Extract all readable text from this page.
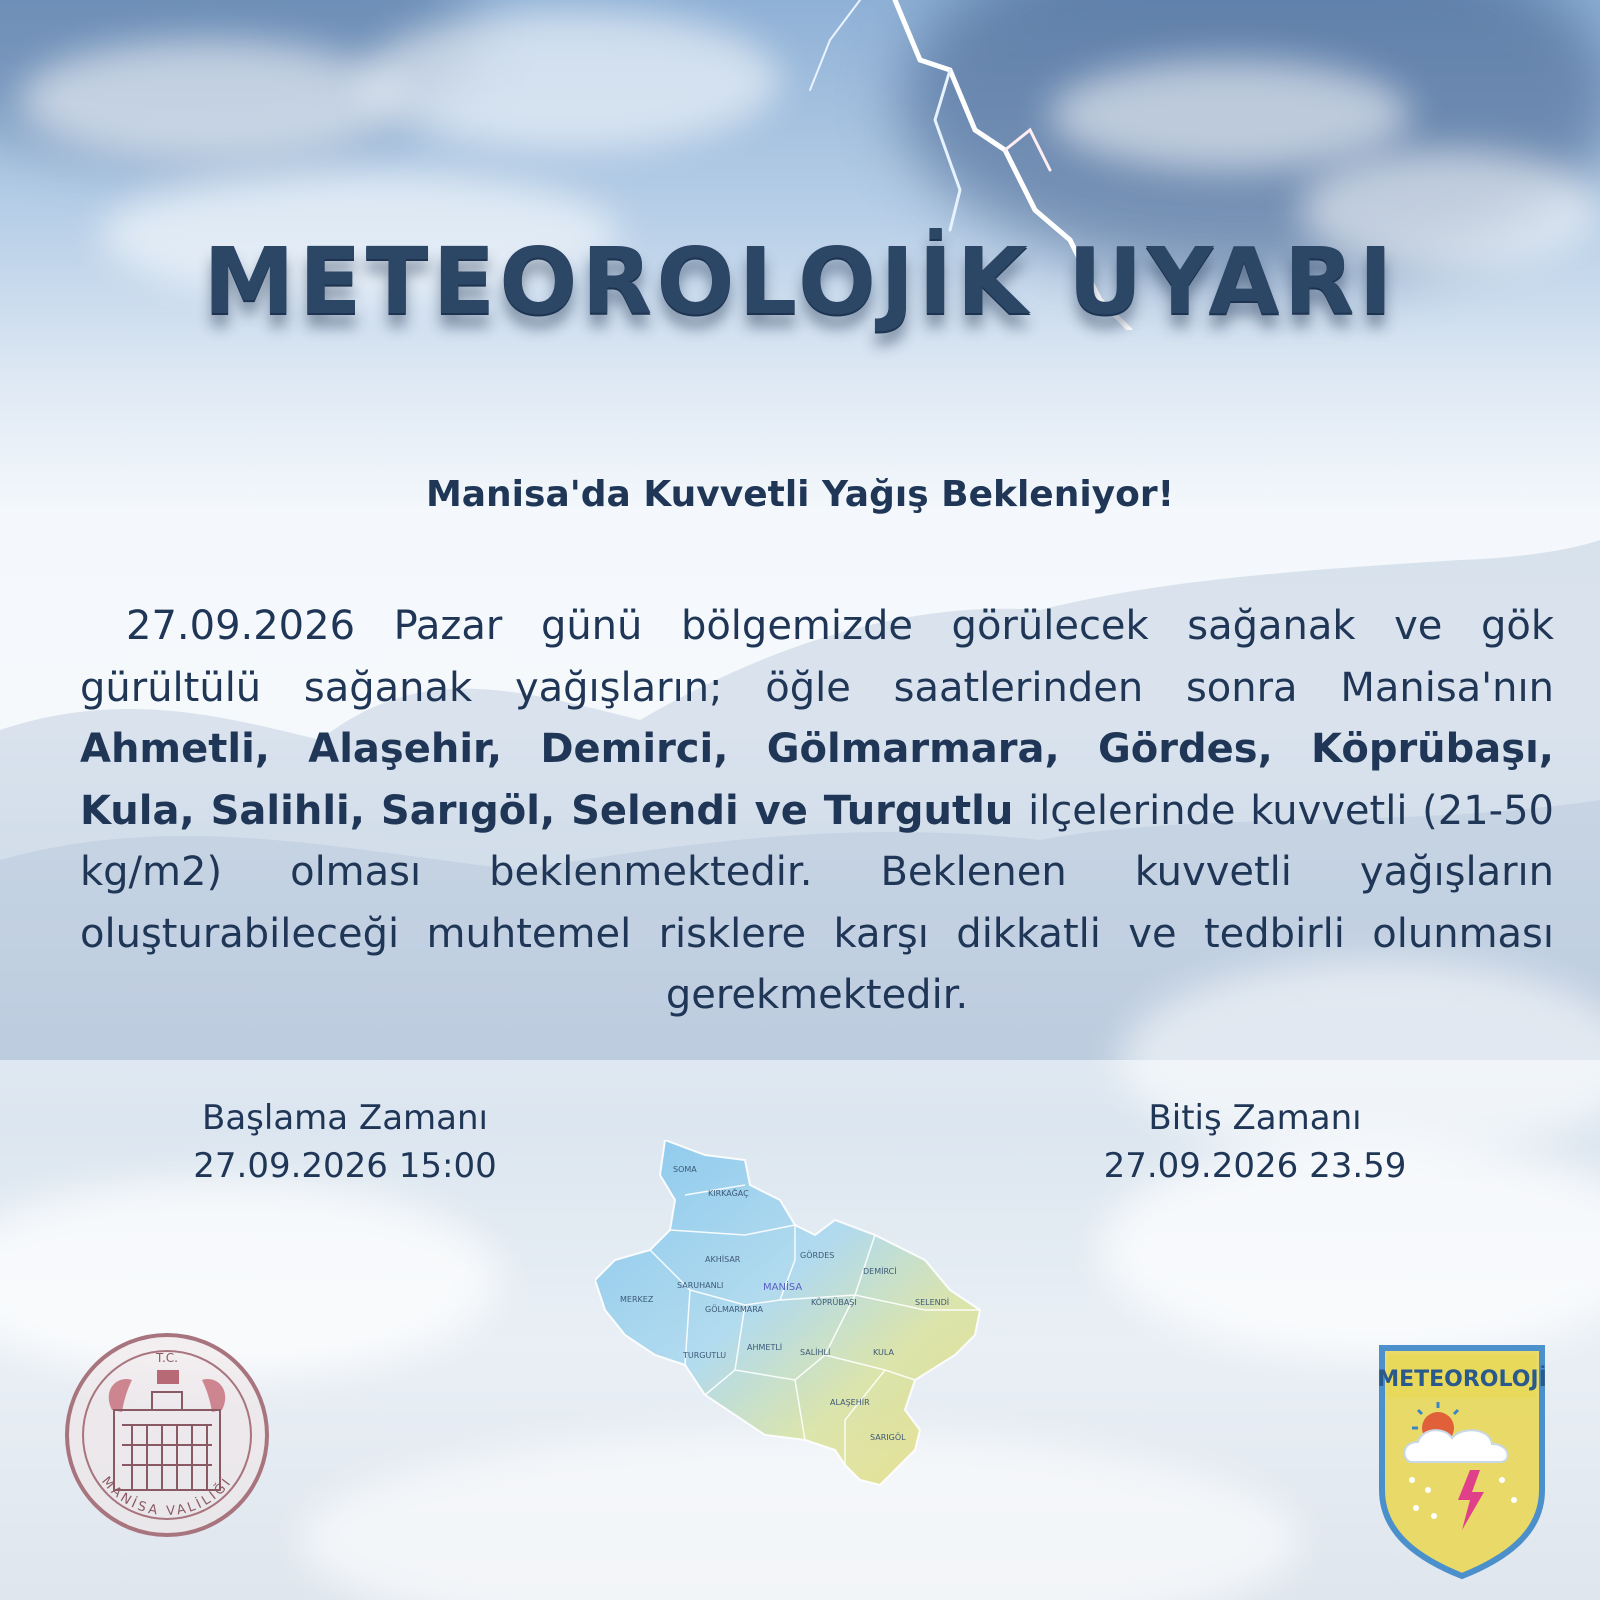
METEOROLOJİK UYARI
Manisa'da Kuvvetli Yağış Bekleniyor!
27.09.2026 Pazar günü bölgemizde görülecek sağanak ve gök gürültülü sağanak yağışların; öğle saatlerinden sonra Manisa'nın Ahmetli, Alaşehir, Demirci, Gölmarmara, Gördes, Köprübaşı, Kula, Salihli, Sarıgöl, Selendi ve Turgutlu ilçelerinde kuvvetli (21-50 kg/m2) olması beklenmektedir. Beklenen kuvvetli yağışların oluşturabileceği muhtemel risklere karşı dikkatli ve tedbirli olunması gerekmektedir.
Başlama Zamanı
27.09.2026 15:00
Bitiş Zamanı
27.09.2026 23.59
SOMA
KIRKAĞAÇ
AKHİSAR	GÖRDES
DEMİRCİ
MANİSA
KÖPRÜBAŞI	SELENDİ
MERKEZ
SARUHANLI
GÖLMARMARA
TURGUTLU
AHMETLİ
SALİHLİ	KULA
ALAŞEHİR
SARIGÖL
T.C.
MANİSA VALİLİĞİ
METEOROLOJİ
